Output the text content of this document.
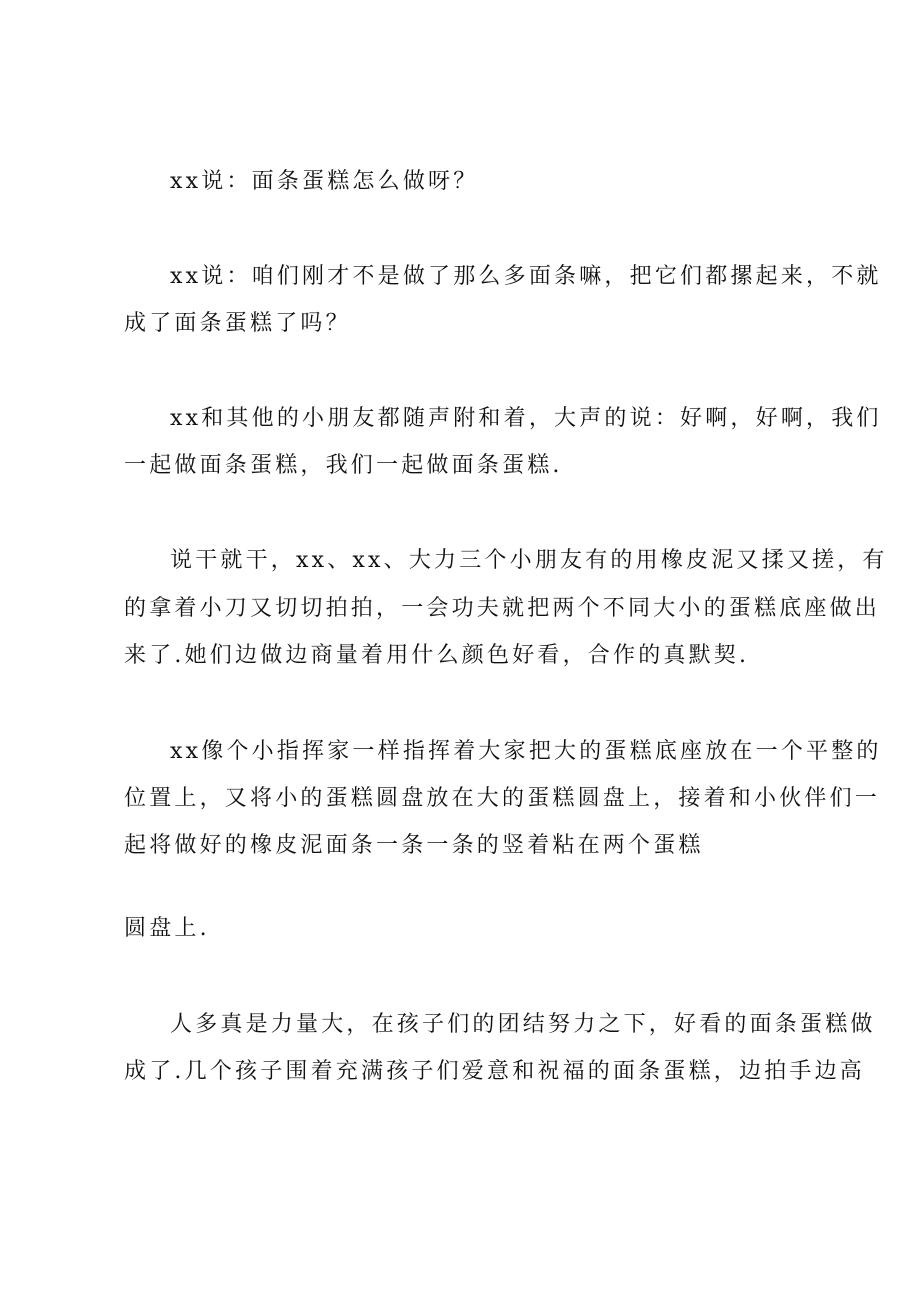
xx说：面条蛋糕怎么做呀？
xx说：咱们刚才不是做了那么多面条嘛，把它们都摞起来，不就
成了面条蛋糕了吗？
xx和其他的小朋友都随声附和着，大声的说：好啊，好啊，我们
一起做面条蛋糕，我们一起做面条蛋糕.
说干就干，xx、xx、大力三个小朋友有的用橡皮泥又揉又搓，有
的拿着小刀又切切拍拍，一会功夫就把两个不同大小的蛋糕底座做出
来了.她们边做边商量着用什么颜色好看，合作的真默契.
xx像个小指挥家一样指挥着大家把大的蛋糕底座放在一个平整的
位置上，又将小的蛋糕圆盘放在大的蛋糕圆盘上，接着和小伙伴们一
起将做好的橡皮泥面条一条一条的竖着粘在两个蛋糕
圆盘上.
人多真是力量大，在孩子们的团结努力之下，好看的面条蛋糕做
成了.几个孩子围着充满孩子们爱意和祝福的面条蛋糕，边拍手边高
